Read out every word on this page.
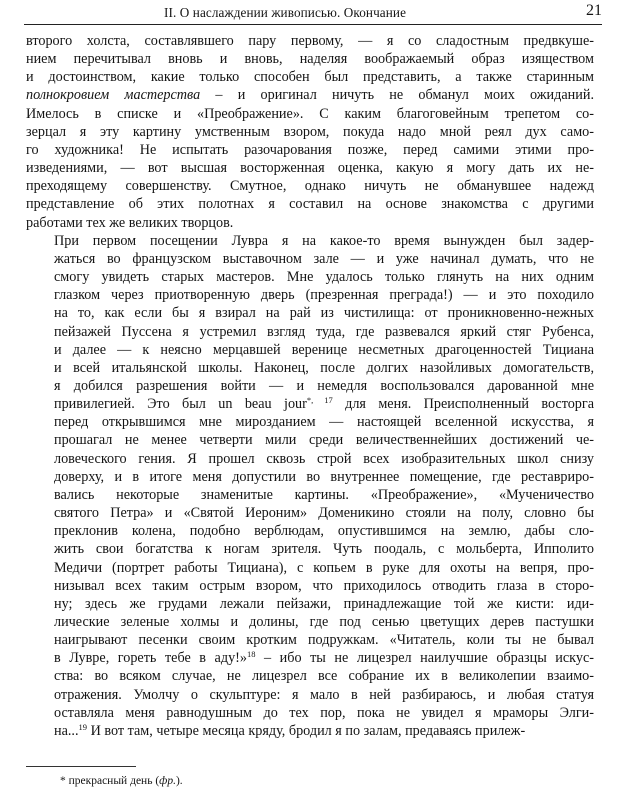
II. О наслаждении живописью. Окончание	21

второго холста, составлявшего пару первому, — я со сладостным предвкуше-
нием перечитывал вновь и вновь, наделяя воображаемый образ изяществом
и достоинством, какие только способен был представить, а также старинным
полнокровием мастерства – и оригинал ничуть не обманул моих ожиданий.
Имелось в списке и «Преображение». С каким благоговейным трепетом со-
зерцал я эту картину умственным взором, покуда надо мной реял дух само-
го художника! Не испытать разочарования позже, перед самими этими про-
изведениями, — вот высшая восторженная оценка, какую я могу дать их не-
преходящему совершенству. Смутное, однако ничуть не обманувшее надежд
представление об этих полотнах я составил на основе знакомства с другими
работами тех же великих творцов.

При первом посещении Лувра я на какое-то время вынужден был задер-
жаться во французском выставочном зале — и уже начинал думать, что не
смогу увидеть старых мастеров. Мне удалось только глянуть на них одним
глазком через приотворенную дверь (презренная преграда!) — и это походило
на то, как если бы я взирал на рай из чистилища: от проникновенно-нежных
пейзажей Пуссена я устремил взгляд туда, где развевался яркий стяг Рубенса,
и далее — к неясно мерцавшей веренице несметных драгоценностей Тициана
и всей итальянской школы. Наконец, после долгих назойливых домогательств,
я добился разрешения войти — и немедля воспользовался дарованной мне
привилегией. Это был un beau jour$^{*, 17}$ для меня. Преисполненный восторга
перед открывшимся мне мирозданием — настоящей вселенной искусства, я
прошагал не менее четверти мили среди величественнейших достижений че-
ловеческого гения. Я прошел сквозь строй всех изобразительных школ снизу
доверху, и в итоге меня допустили во внутреннее помещение, где реставриро-
вались некоторые знаменитые картины. «Преображение», «Мученичество
святого Петра» и «Святой Иероним» Доменикино стояли на полу, словно бы
преклонив колена, подобно верблюдам, опустившимся на землю, дабы сло-
жить свои богатства к ногам зрителя. Чуть поодаль, с мольберта, Ипполито
Медичи (портрет работы Тициана), с копьем в руке для охоты на вепря, про-
низывал всех таким острым взором, что приходилось отводить глаза в сторо-
ну; здесь же грудами лежали пейзажи, принадлежащие той же кисти: иди-
лические зеленые холмы и долины, где под сенью цветущих дерев пастушки
наигрывают песенки своим кротким подружкам. «Читатель, коли ты не бывал
в Лувре, гореть тебе в аду!»$^{18}$ – ибо ты не лицезрел наилучшие образцы искус-
ства: во всяком случае, не лицезрел все собрание их в великолепии взаимо-
отражения. Умолчу о скульптуре: я мало в ней разбираюсь, и любая статуя
оставляла меня равнодушным до тех пор, пока не увидел я мраморы Элги-
на...$^{19}$ И вот там, четыре месяца кряду, бродил я по залам, предаваясь прилеж-

* прекрасный день (фр.).
